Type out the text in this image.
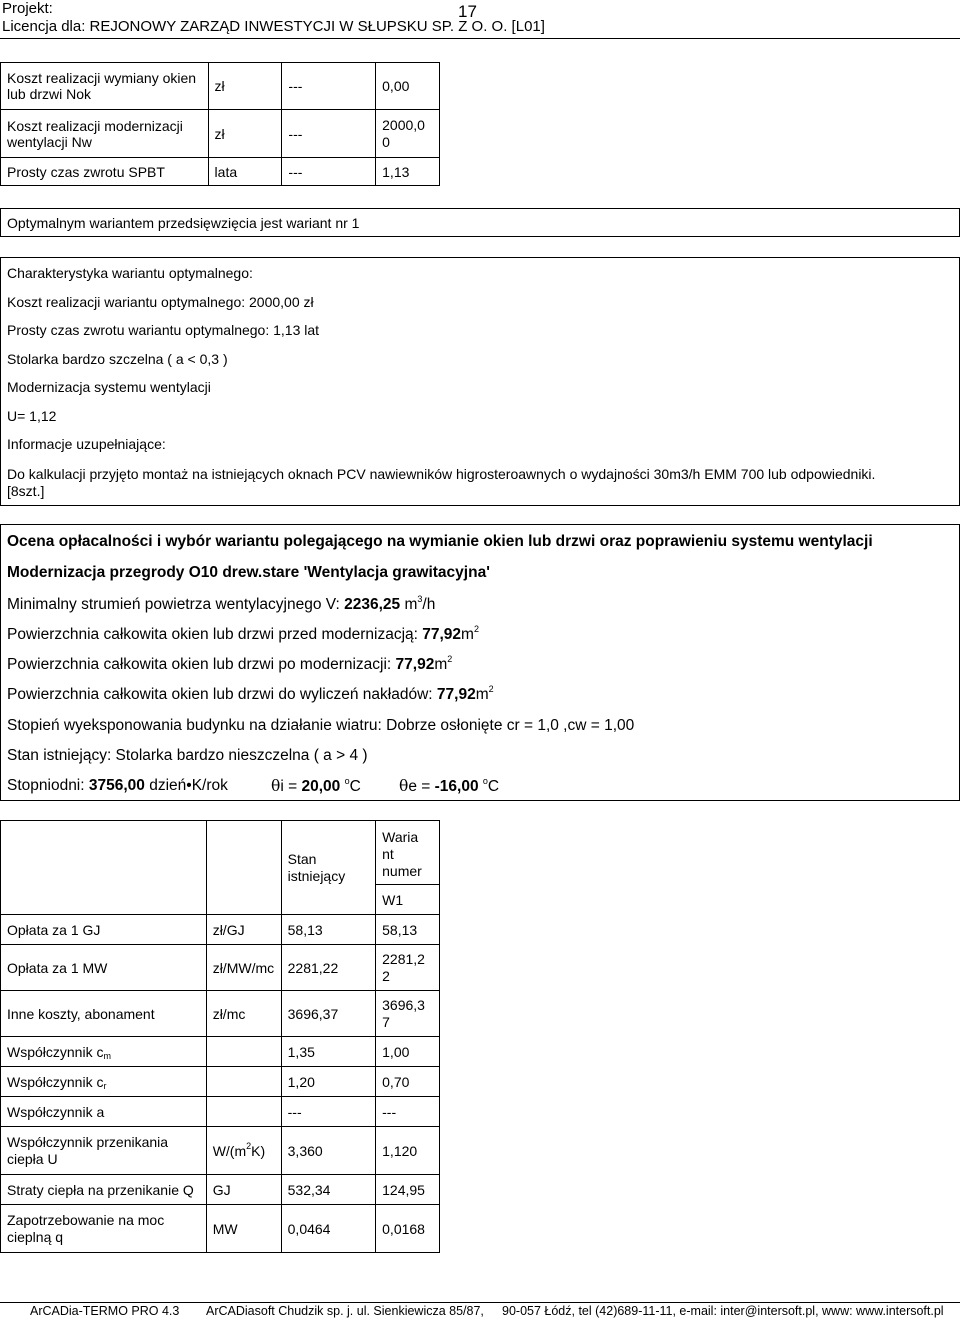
Projekt:	17
Licencja dla: REJONOWY ZARZĄD INWESTYCJI W SŁUPSKU SP. Z O. O. [L01]
Koszt realizacji wymiany okien lub drzwi Nok	zł	---	0,00
Koszt realizacji modernizacji wentylacji Nw	zł	---	2000,0 0
Prosty czas zwrotu SPBT	lata	---	1,13
Optymalnym wariantem przedsięwzięcia jest wariant nr 1
Charakterystyka wariantu optymalnego:
Koszt realizacji wariantu optymalnego: 2000,00 zł
Prosty czas zwrotu wariantu optymalnego: 1,13 lat
Stolarka bardzo szczelna ( a < 0,3 )
Modernizacja systemu wentylacji
U= 1,12
Informacje uzupełniające:
Do kalkulacji przyjęto montaż na istniejących oknach PCV nawiewników higrosteroawnych o wydajności 30m3/h EMM 700 lub odpowiedniki.[8szt.]
Ocena opłacalności i wybór wariantu polegającego na wymianie okien lub drzwi oraz poprawieniu systemu wentylacji
Modernizacja przegrody O10 drew.stare 'Wentylacja grawitacyjna'
Minimalny strumień powietrza wentylacyjnego V: 2236,25 $m^3/h$
Powierzchnia całkowita okien lub drzwi przed modernizacją: $77,92m^2$
Powierzchnia całkowita okien lub drzwi po modernizacji: $77,92m^2$
Powierzchnia całkowita okien lub drzwi do wyliczeń nakładów: $77,92m^2$
Stopień wyeksponowania budynku na działanie wiatru: Dobrze osłonięte cr = 1,0 ,cw = 1,00
Stan istniejący: Stolarka bardzo nieszczelna ( a > 4 )
Stopniodni: 3756,00 dzień•K/rok	θi = 20,00 $^o$C θe = -16,00 $^o$C
		Stan istniejący	Waria nt numer
			W1
Opłata za 1 GJ	zł/GJ	58,13	58,13
Opłata za 1 MW	zł/MW/mc	2281,22	2281,2 2
Inne koszty, abonament	zł/mc	3696,37	3696,3 7
Współczynnik $c_m$		1,35	1,00
Współczynnik $c_r$		1,20	0,70
Współczynnik a		---	---
Współczynnik przenikania ciepła U	$W/(m^2K)$	3,360	1,120
Straty ciepła na przenikanie Q	GJ	532,34	124,95
Zapotrzebowanie na moc cieplną q	MW	0,0464	0,0168
ArCADia-TERMO PRO 4.3 ArCADiasoft Chudzik sp. j. ul. Sienkiewicza 85/87, 90-057 Łódź, tel (42)689-11-11, e-mail: inter@intersoft.pl, www: www.intersoft.pl
